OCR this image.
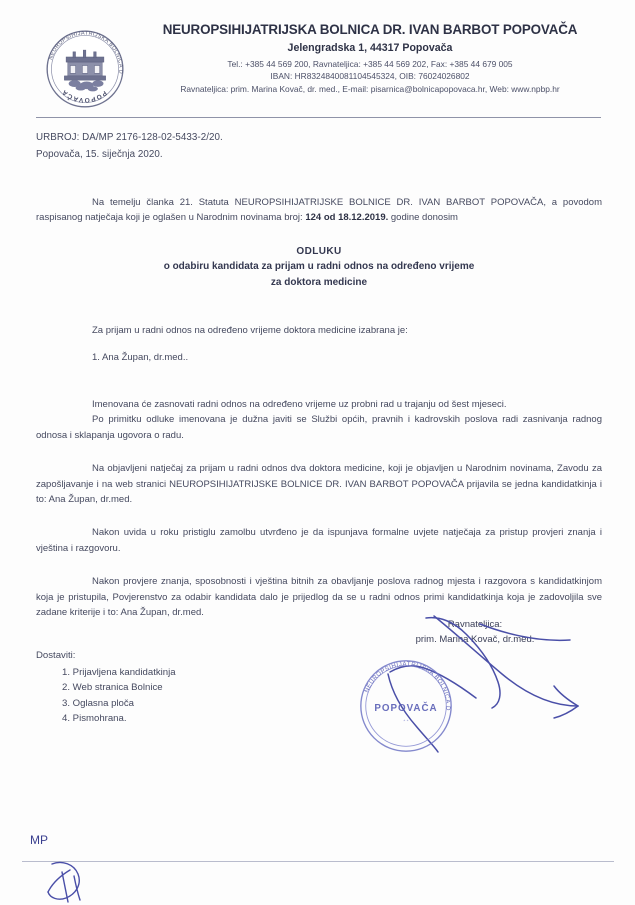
NEUROPSIHIJATRIJSKA BOLNICA DR. IVAN BARBOT
POPOVAČA
NEUROPSIHIJATRIJSKA BOLNICA DR. IVAN BARBOT POPOVAČA
Jelengradska 1, 44317 Popovača
Tel.: +385 44 569 200, Ravnateljica: +385 44 569 202, Fax: +385 44 679 005
IBAN: HR8324840081104545324, OIB: 76024026802
Ravnateljica: prim. Marina Kovač, dr. med., E-mail: pisarnica@bolnicapopovaca.hr, Web: www.npbp.hr
URBROJ: DA/MP 2176-128-02-5433-2/20.
Popovača, 15. siječnja 2020.

Na temelju članka 21. Statuta NEUROPSIHIJATRIJSKE BOLNICE DR. IVAN BARBOT POPOVAČA, a povodom raspisanog natječaja koji je oglašen u Narodnim novinama broj: 124 od 18.12.2019. godine donosim

ODLUKU
o odabiru kandidata za prijam u radni odnos na određeno vrijeme
za doktora medicine

Za prijam u radni odnos na određeno vrijeme doktora medicine izabrana je:

1. Ana Župan, dr.med..

Imenovana će zasnovati radni odnos na određeno vrijeme uz probni rad u trajanju od šest mjeseci.

Po primitku odluke imenovana je dužna javiti se Službi općih, pravnih i kadrovskih poslova radi zasnivanja radnog odnosa i sklapanja ugovora o radu.

Na objavljeni natječaj za prijam u radni odnos dva doktora medicine, koji je objavljen u Narodnim novinama, Zavodu za zapošljavanje i na web stranici NEUROPSIHIJATRIJSKE BOLNICE DR. IVAN BARBOT POPOVAČA prijavila se jedna kandidatkinja i to: Ana Župan, dr.med.

Nakon uvida u roku pristiglu zamolbu utvrđeno je da ispunjava formalne uvjete natječaja za pristup provjeri znanja i vještina i razgovoru.

Nakon provjere znanja, sposobnosti i vještina bitnih za obavljanje poslova radnog mjesta i razgovora s kandidatkinjom koja je pristupila, Povjerenstvo za odabir kandidata dalo je prijedlog da se u radni odnos primi kandidatkinja koja je zadovoljila sve zadane kriterije i to: Ana Župan, dr.med.

Ravnateljica:
prim. Marina Kovač, dr.med.
NEUROPSIHIJATRIJSKA BOLNICA DR. IVAN BARBOT
POPOVAČA
* *
Dostaviti:
1. Prijavljena kandidatkinja
2. Web stranica Bolnice
3. Oglasna ploča
4. Pismohrana.
MP
